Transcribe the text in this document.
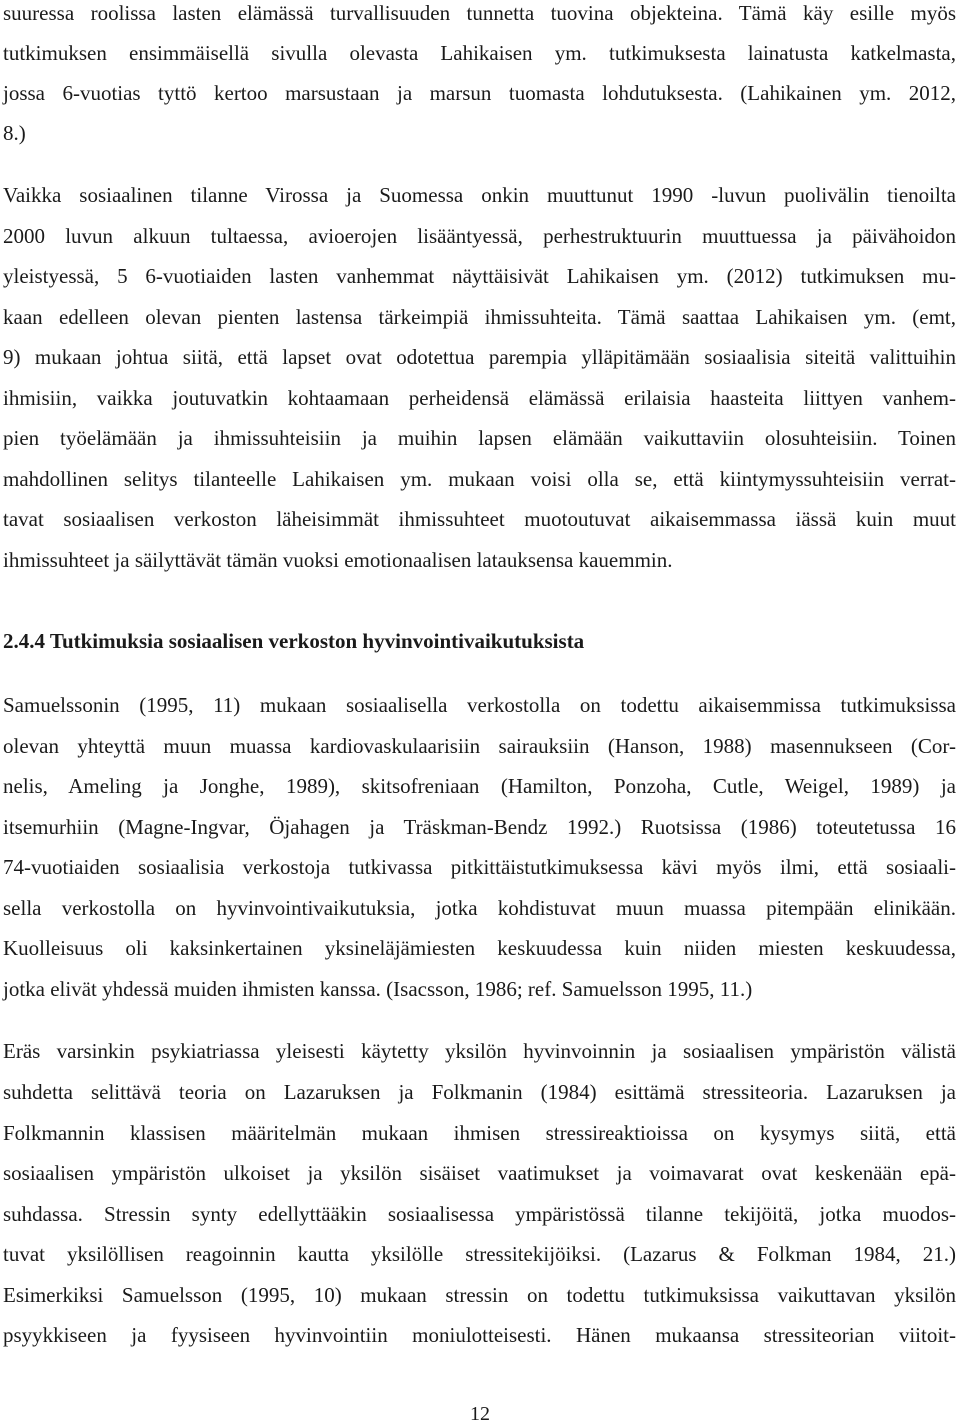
suuressa roolissa lasten elämässä turvallisuuden tunnetta tuovina objekteina. Tämä käy esille myös
tutkimuksen ensimmäisellä sivulla olevasta Lahikaisen ym. tutkimuksesta lainatusta katkelmasta,
jossa 6-vuotias tyttö kertoo marsustaan ja marsun tuomasta lohdutuksesta. (Lahikainen ym. 2012,
8.)
Vaikka sosiaalinen tilanne Virossa ja Suomessa onkin muuttunut 1990 -luvun puolivälin tienoilta
2000 luvun alkuun tultaessa, avioerojen lisääntyessä, perhestruktuurin muuttuessa ja päivähoidon
yleistyessä, 5 6-vuotiaiden lasten vanhemmat näyttäisivät Lahikaisen ym. (2012) tutkimuksen mu-
kaan edelleen olevan pienten lastensa tärkeimpiä ihmissuhteita. Tämä saattaa Lahikaisen ym. (emt,
9) mukaan johtua siitä, että lapset ovat odotettua parempia ylläpitämään sosiaalisia siteitä valittuihin
ihmisiin, vaikka joutuvatkin kohtaamaan perheidensä elämässä erilaisia haasteita liittyen vanhem-
pien työelämään ja ihmissuhteisiin ja muihin lapsen elämään vaikuttaviin olosuhteisiin. Toinen
mahdollinen selitys tilanteelle Lahikaisen ym. mukaan voisi olla se, että kiintymyssuhteisiin verrat-
tavat sosiaalisen verkoston läheisimmät ihmissuhteet muotoutuvat aikaisemmassa iässä kuin muut
ihmissuhteet ja säilyttävät tämän vuoksi emotionaalisen latauksensa kauemmin.
2.4.4 Tutkimuksia sosiaalisen verkoston hyvinvointivaikutuksista
Samuelssonin (1995, 11) mukaan sosiaalisella verkostolla on todettu aikaisemmissa tutkimuksissa
olevan yhteyttä muun muassa kardiovaskulaarisiin sairauksiin (Hanson, 1988) masennukseen (Cor-
nelis, Ameling ja Jonghe, 1989), skitsofreniaan (Hamilton, Ponzoha, Cutle, Weigel, 1989) ja
itsemurhiin (Magne-Ingvar, Öjahagen ja Träskman-Bendz 1992.) Ruotsissa (1986) toteutetussa 16
74-vuotiaiden sosiaalisia verkostoja tutkivassa pitkittäistutkimuksessa kävi myös ilmi, että sosiaali-
sella verkostolla on hyvinvointivaikutuksia, jotka kohdistuvat muun muassa pitempään elinikään.
Kuolleisuus oli kaksinkertainen yksineläjämiesten keskuudessa kuin niiden miesten keskuudessa,
jotka elivät yhdessä muiden ihmisten kanssa. (Isacsson, 1986; ref. Samuelsson 1995, 11.)
Eräs varsinkin psykiatriassa yleisesti käytetty yksilön hyvinvoinnin ja sosiaalisen ympäristön välistä
suhdetta selittävä teoria on Lazaruksen ja Folkmanin (1984) esittämä stressiteoria. Lazaruksen ja
Folkmannin klassisen määritelmän mukaan ihmisen stressireaktioissa on kysymys siitä, että
sosiaalisen ympäristön ulkoiset ja yksilön sisäiset vaatimukset ja voimavarat ovat keskenään epä-
suhdassa. Stressin synty edellyttääkin sosiaalisessa ympäristössä tilanne tekijöitä, jotka muodos-
tuvat yksilöllisen reagoinnin kautta yksilölle stressitekijöiksi. (Lazarus & Folkman 1984, 21.)
Esimerkiksi Samuelsson (1995, 10) mukaan stressin on todettu tutkimuksissa vaikuttavan yksilön
psyykkiseen ja fyysiseen hyvinvointiin moniulotteisesti. Hänen mukaansa stressiteorian viitoit-
12
